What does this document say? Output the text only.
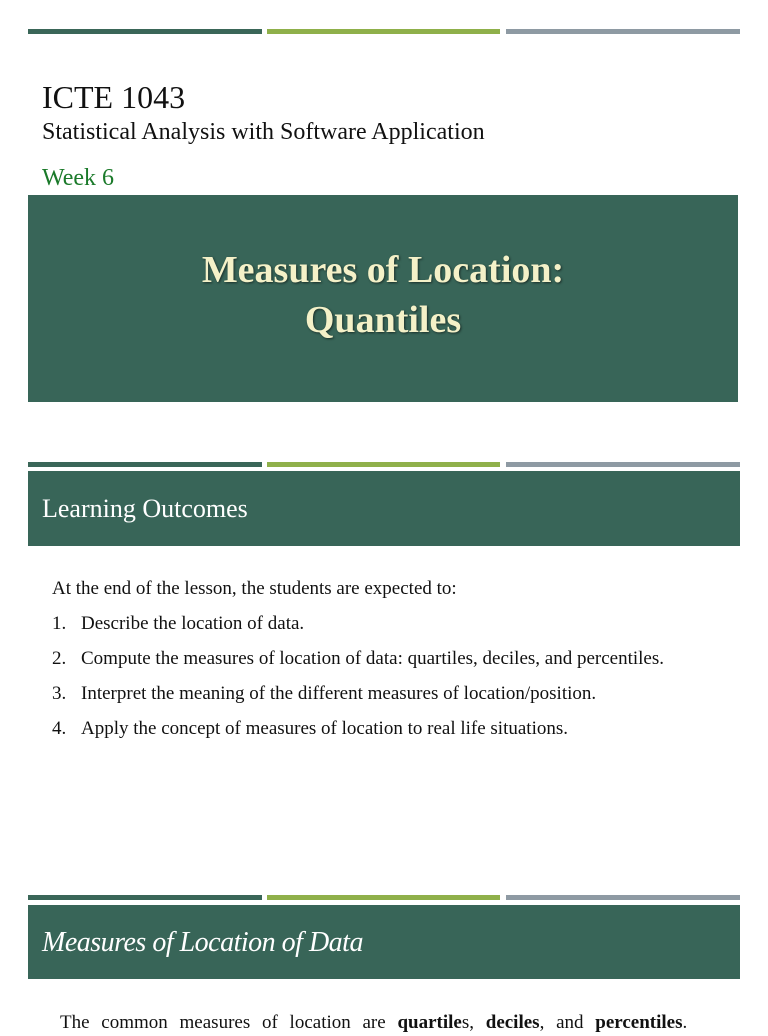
ICTE 1043
Statistical Analysis with Software Application
Week 6
Measures of Location:
Quantiles
Learning Outcomes
At the end of the lesson, the students are expected to:
1. Describe the location of data.
2. Compute the measures of location of data: quartiles, deciles, and percentiles.
3. Interpret the meaning of the different measures of location/position.
4. Apply the concept of measures of location to real life situations.
Measures of Location of Data
The common measures of location are quartiles, deciles, and percentiles.
